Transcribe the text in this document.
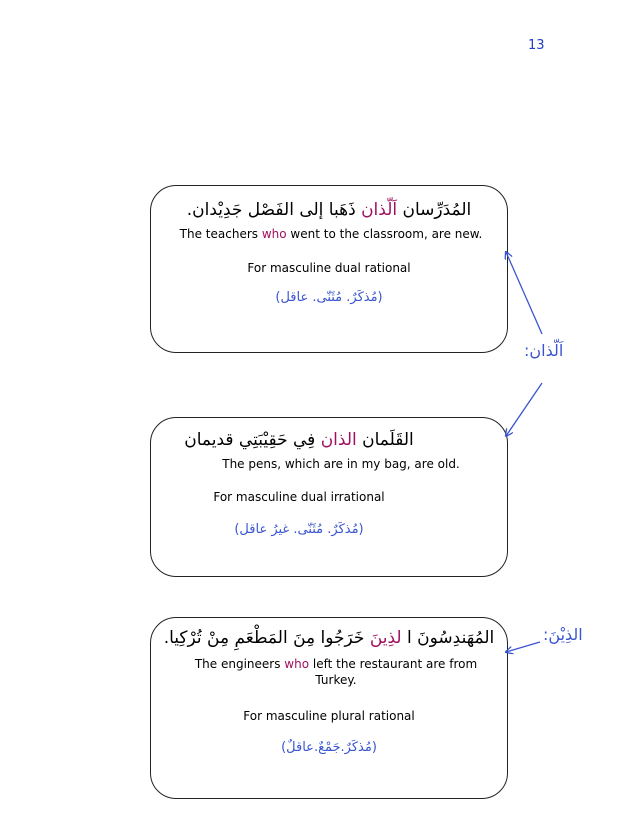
13
المُدَرِّسان اَلّذان ذَهَبا إلى الفَصْل جَدِيْدان.
The teachers who went to the classroom, are new.
For masculine dual rational
(مُذكَرٌ. مُثَنّى. عاقل)
القَلَمان الذان فِي حَقِيْبَتِي قديمان
The pens, which are in my bag, are old.
For masculine dual irrational
(مُذكَرٌ. مُثَنّى. غيرُ عاقل)
المُهَندِسُونَ ا لذِينَ خَرَجُوا مِنَ المَطْعَمِ مِنْ تُرْكِيا.
The engineers who left the restaurant are from Turkey.
For masculine plural rational
(مُذكَرٌ.جَمْعٌ.عاقلٌ)
اَلّذان:
الذِيْنَ:
